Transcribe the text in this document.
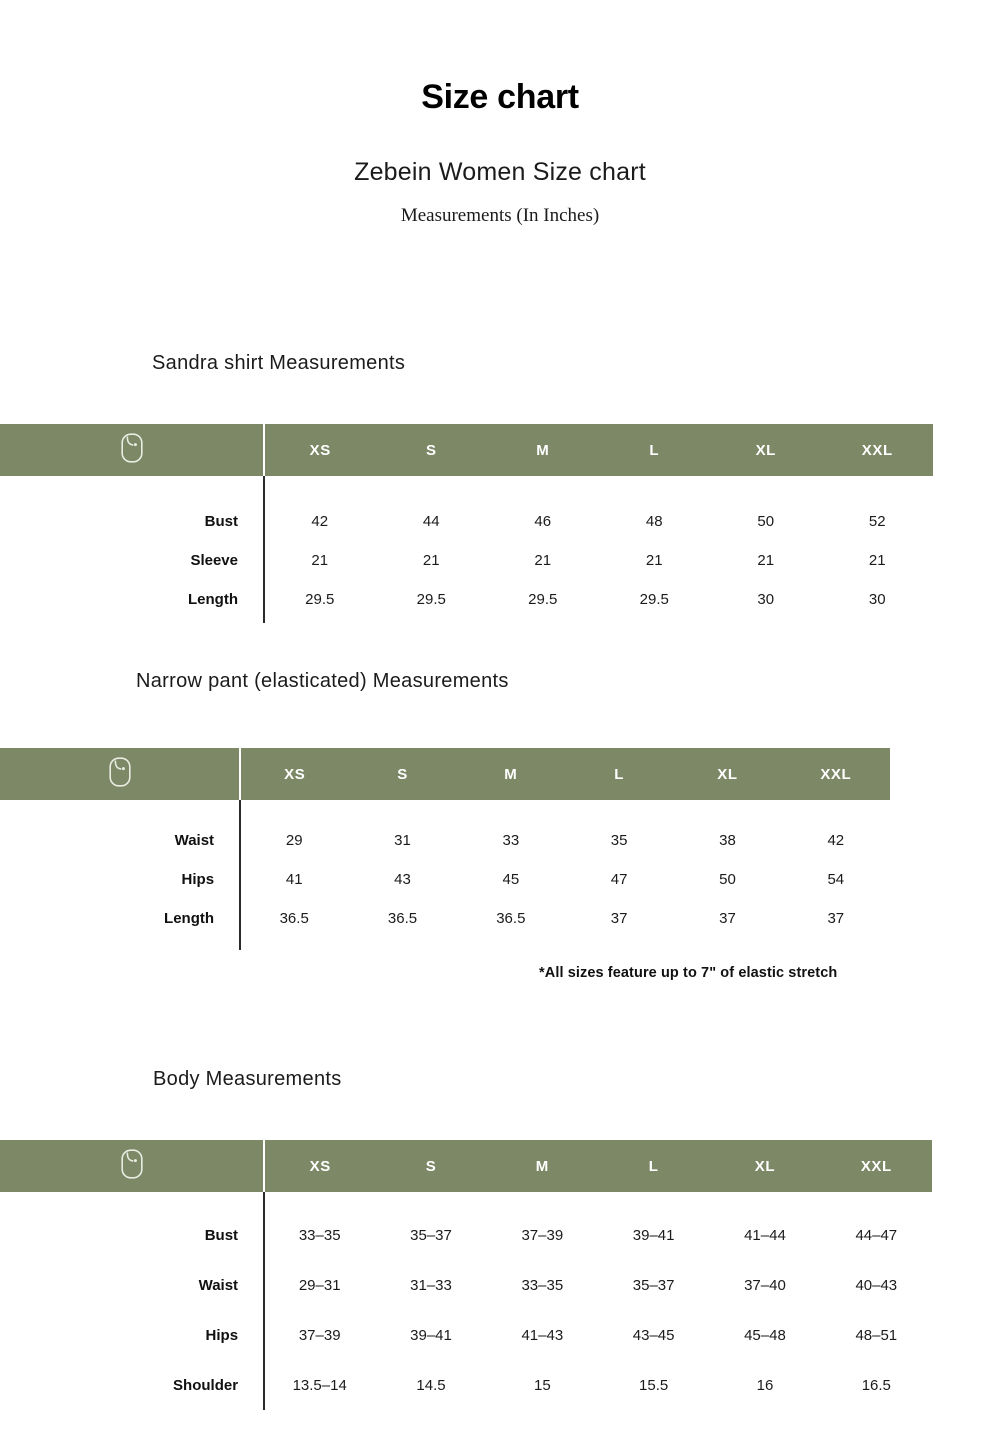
Size chart
Zebein Women Size chart
Measurements (In Inches)
Sandra shirt Measurements
	XS	S	M	L	XL	XXL

Bust	42	44	46	48	50	52
Sleeve	21	21	21	21	21	21
Length	29.5	29.5	29.5	29.5	30	30
Narrow pant (elasticated) Measurements
	XS	S	M	L	XL	XXL

Waist	29	31	33	35	38	42
Hips	41	43	45	47	50	54
Length	36.5	36.5	36.5	37	37	37
*All sizes feature up to 7" of elastic stretch
Body Measurements
	XS	S	M	L	XL	XXL

Bust	33–35	35–37	37–39	39–41	41–44	44–47
Waist	29–31	31–33	33–35	35–37	37–40	40–43
Hips	37–39	39–41	41–43	43–45	45–48	48–51
Shoulder	13.5–14	14.5	15	15.5	16	16.5
